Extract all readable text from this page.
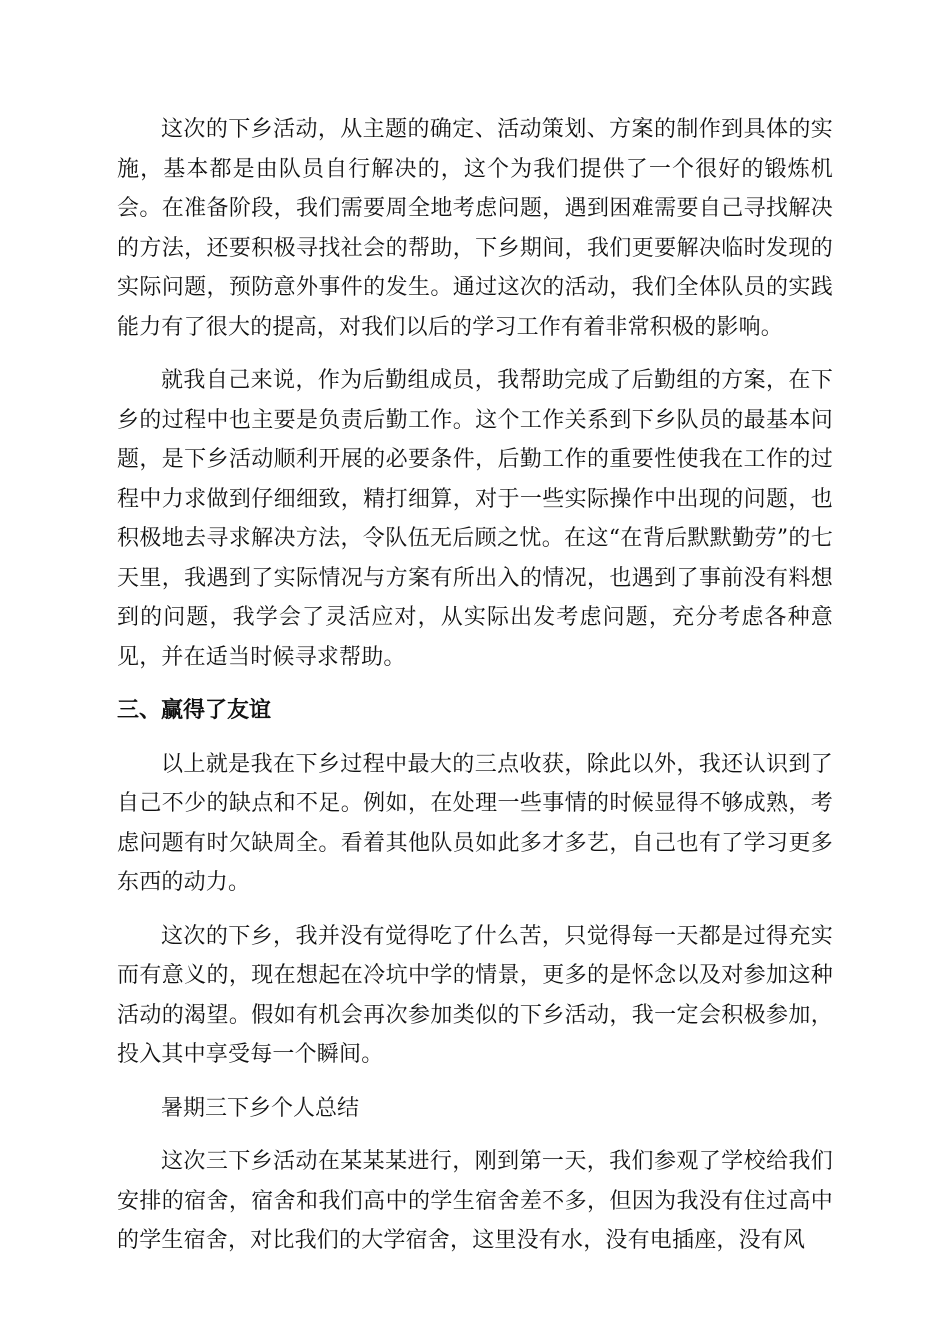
这次的下乡活动，从主题的确定、活动策划、方案的制作到具体的实施，基本都是由队员自行解决的，这个为我们提供了一个很好的锻炼机会。在准备阶段，我们需要周全地考虑问题，遇到困难需要自己寻找解决的方法，还要积极寻找社会的帮助，下乡期间，我们更要解决临时发现的实际问题，预防意外事件的发生。通过这次的活动，我们全体队员的实践能力有了很大的提高，对我们以后的学习工作有着非常积极的影响。

就我自己来说，作为后勤组成员，我帮助完成了后勤组的方案，在下乡的过程中也主要是负责后勤工作。这个工作关系到下乡队员的最基本问题，是下乡活动顺利开展的必要条件，后勤工作的重要性使我在工作的过程中力求做到仔细细致，精打细算，对于一些实际操作中出现的问题，也积极地去寻求解决方法，令队伍无后顾之忧。在这“在背后默默勤劳”的七天里，我遇到了实际情况与方案有所出入的情况，也遇到了事前没有料想到的问题，我学会了灵活应对，从实际出发考虑问题，充分考虑各种意见，并在适当时候寻求帮助。

三、赢得了友谊

以上就是我在下乡过程中最大的三点收获，除此以外，我还认识到了自己不少的缺点和不足。例如，在处理一些事情的时候显得不够成熟，考虑问题有时欠缺周全。看着其他队员如此多才多艺，自己也有了学习更多东西的动力。

这次的下乡，我并没有觉得吃了什么苦，只觉得每一天都是过得充实而有意义的，现在想起在冷坑中学的情景，更多的是怀念以及对参加这种活动的渴望。假如有机会再次参加类似的下乡活动，我一定会积极参加，投入其中享受每一个瞬间。

暑期三下乡个人总结

这次三下乡活动在某某某进行，刚到第一天，我们参观了学校给我们安排的宿舍，宿舍和我们高中的学生宿舍差不多，但因为我没有住过高中的学生宿舍，对比我们的大学宿舍，这里没有水，没有电插座，没有风
